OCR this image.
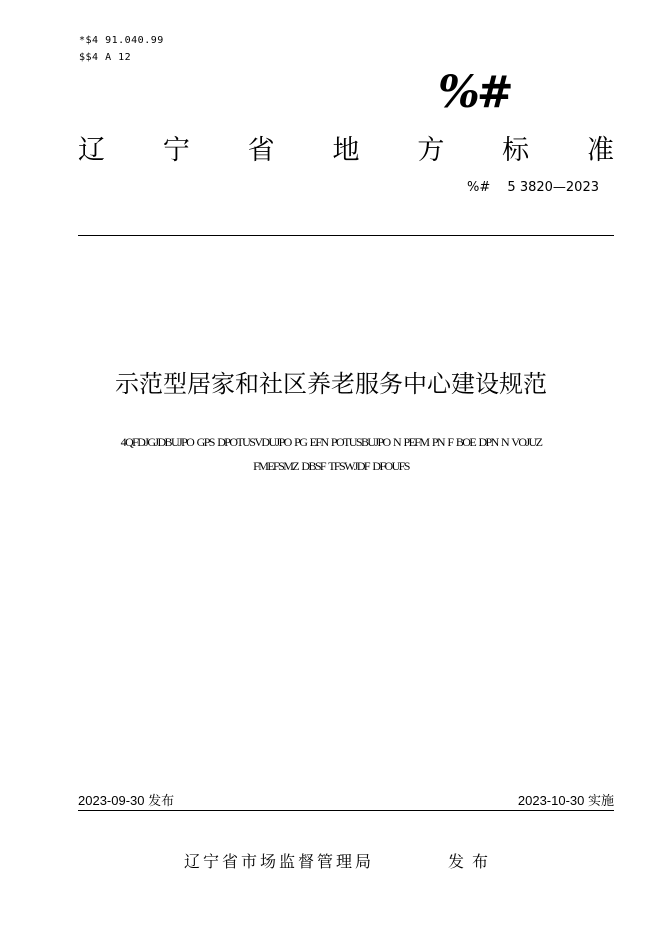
*$4 91.040.99
$$4 A 12
%#
辽 宁 省 地 方 标 准
%#　 5 3820—2023
示范型居家和社区养老服务中心建设规范
4QFDJGJDBUJPO GPS DPOTUSVDUJPO PG EFN POTUSBUJPO N PEFM PN F BOE DPN N VOJUZ
FMEFSMZ DBSF TFSWJDF DFOUFS
2023-09-30 发布	2023-10-30 实施
辽宁省市场监督管理局	发布
